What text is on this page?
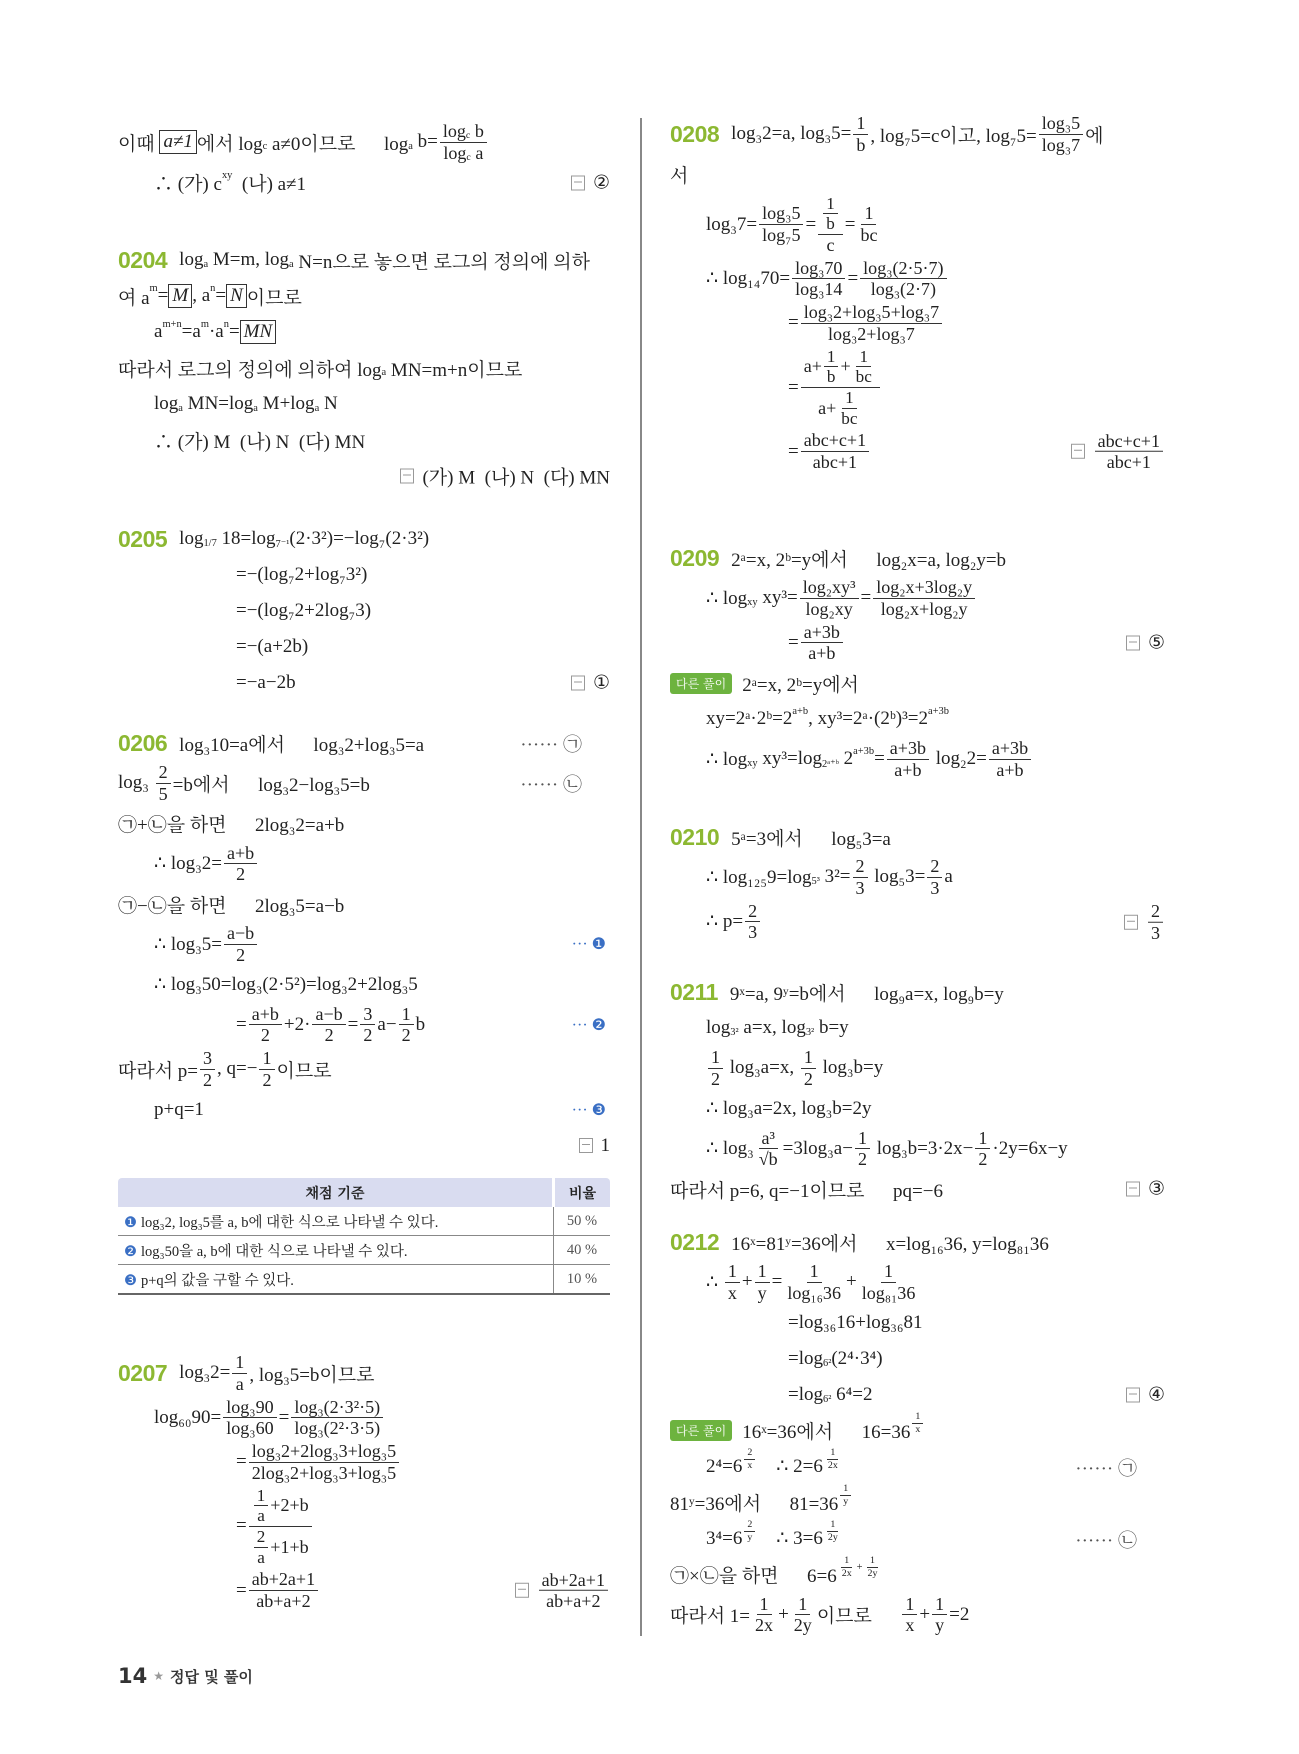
이때 a≠1 에서 log c a≠0이므로      log a $b= \frac{\text{log c b}}{\text{log c a}}$
∴ (가) c xy (나) a≠1	②
0204 log a M=m, log a N=n으로 놓으면 로그의 정의에 의하
여 a m = M , a n = N 이므로
a m+n =a m ·a n = MN
따라서 로그의 정의에 의하여 log a MN=m+n이므로
log a MN=log a M+log a N
∴ (가) M  (나) N  (다) MN
(가) M  (나) N  (다) MN
0205 log 1/7 18=log 7⁻¹ (2·3²)=−log₇(2·3²)
=−(log₇2+log₇3²)
=−(log₇2+2log₇3)
=−(a+2b)
=−a−2b	①
0206 log₃10=a에서      log₃2+log₃5=a	······ ㉠
$\log_3 \frac{2}{5} =b$에서      log₃2−log₃5=b	······ ㉡
㉠+㉡을 하면      2log₃2=a+b
∴ $\log_32= \frac{a+b}{2}$
㉠−㉡을 하면      2log₃5=a−b
∴ $\log_35= \frac{a-b}{2}$	··· ❶
∴ log₃50=log₃(2·5²)=log₃2+2log₃5
= $\frac{a+b}{2} +2\cdot \frac{a-b}{2} = \frac{3}{2} a- \frac{1}{2}$ b	··· ❷
따라서 $p= \frac{3}{2}$ , $q=- \frac{1}{2}$ 이므로
p+q=1	··· ❸
1
채점 기준	비율
❶ log₃2, log₃5를 a, b에 대한 식으로 나타낼 수 있다.	50 %
❷ log₃50을 a, b에 대한 식으로 나타낼 수 있다.	40 %
❸ p+q의 값을 구할 수 있다.	10 %
0207 $\log_32= \frac{1}{a}$ , log₃5=b이므로
$\log_{60}90= \frac{\text{log₃90}}{\text{log₃60}} = \frac{\text{log₃(2·3²·5)}}{\text{log₃(2²·3·5)}}$
= $\frac{\text{log₃2+2log₃3+log₃5}}{\text{2log₃2+log₃3+log₃5}}$
= $\frac{\frac{1}{a} +2+b}{\frac{2}{a} +1+b}$
= $\frac{ab+2a+1}{ab+a+2}$	$\frac{ab+2a+1}{ab+a+2}$
0208 log₃2=a, $\log_35= \frac{1}{b}$ , log₇5=c이고, $\log_75= \frac{\text{log₃5}}{\text{log₃7}}$ 에
서
$\log_37= \frac{\text{log₃5}}{\text{log₇5}} = \frac{\frac{1}{b}}{c} = \frac{1}{bc}$
∴ $\log_{14}70= \frac{\text{log₃70}}{\text{log₃14}} = \frac{\text{log₃(2·5·7)}}{\text{log₃(2·7)}}$
= $\frac{\text{log₃2+log₃5+log₃7}}{\text{log₃2+log₃7}}$
= $\frac{a+ \frac{1}{b} + \frac{1}{bc}}{a+ \frac{1}{bc}}$
= $\frac{\text{abc+c+1}}{\text{abc+1}}$	$\frac{\text{abc+c+1}}{\text{abc+1}}$
0209 2ᵃ=x, 2ᵇ=y에서      log₂x=a, log₂y=b
∴ log xy $xy^3= \frac{\text{log₂xy³}}{\text{log₂xy}} = \frac{\text{log₂x+3log₂y}}{\text{log₂x+log₂y}}$
= $\frac{a+3b}{a+b}$	⑤
다른 풀이 2ᵃ=x, 2ᵇ=y에서
xy=2ᵃ·2ᵇ=2 a+b , xy³=2ᵃ·(2ᵇ)³=2 a+3b
∴ log xy xy³=log 2ᵃ⁺ᵇ 2 $a+3b = \frac{a+3b}{a+b} \log_22= \frac{a+3b}{a+b}$
0210 5ᵃ=3에서      log₅3=a
∴ log₁₂₅9=log 5³ $3^2= \frac{2}{3} \log_53= \frac{2}{3}$ a
∴ $p= \frac{2}{3}$	$\frac{2}{3}$
0211 9ˣ=a, 9ʸ=b에서      log₉a=x, log₉b=y
log 3² a=x, log 3² b=y
$\frac{1}{2} \log_3a=x$, $\frac{1}{2} \log_3b=y$
∴ log₃a=2x, log₃b=2y
∴ $\log_3 \frac{\text{a³}}{√b} =3\log_3a- \frac{1}{2} \log_3b=3\cdot 2x- \frac{1}{2} \cdot 2y=6x-y$
따라서 p=6, q=−1이므로      pq=−6	③
0212 16ˣ=81ʸ=36에서      x=log₁₆36, y=log₈₁36
∴ $\frac{1}{x} + \frac{1}{y} = \frac{1}{\text{log₁₆36}} + \frac{1}{\text{log₈₁36}}$
=log₃₆16+log₃₆81
=log 6² (2⁴·3⁴)
=log 6² 6⁴=2	④
다른 풀이 16ˣ=36에서      $16=36 \frac{1}{x}$
$2^4=6 \frac{2}{x}$ ∴ $2=6 \frac{1}{2x}$	······ ㉠
81ʸ=36에서      $81=36 \frac{1}{y}$
$3^4=6 \frac{2}{y}$ ∴ $3=6 \frac{1}{2y}$	······ ㉡
㉠×㉡을 하면      $6=6 \frac{1}{2x} + \frac{1}{2y}$
따라서 $1= \frac{1}{2x} + \frac{1}{2y}$ 이므로 $\frac{1}{x} + \frac{1}{y} =2$
14 ★ 정답 및 풀이
